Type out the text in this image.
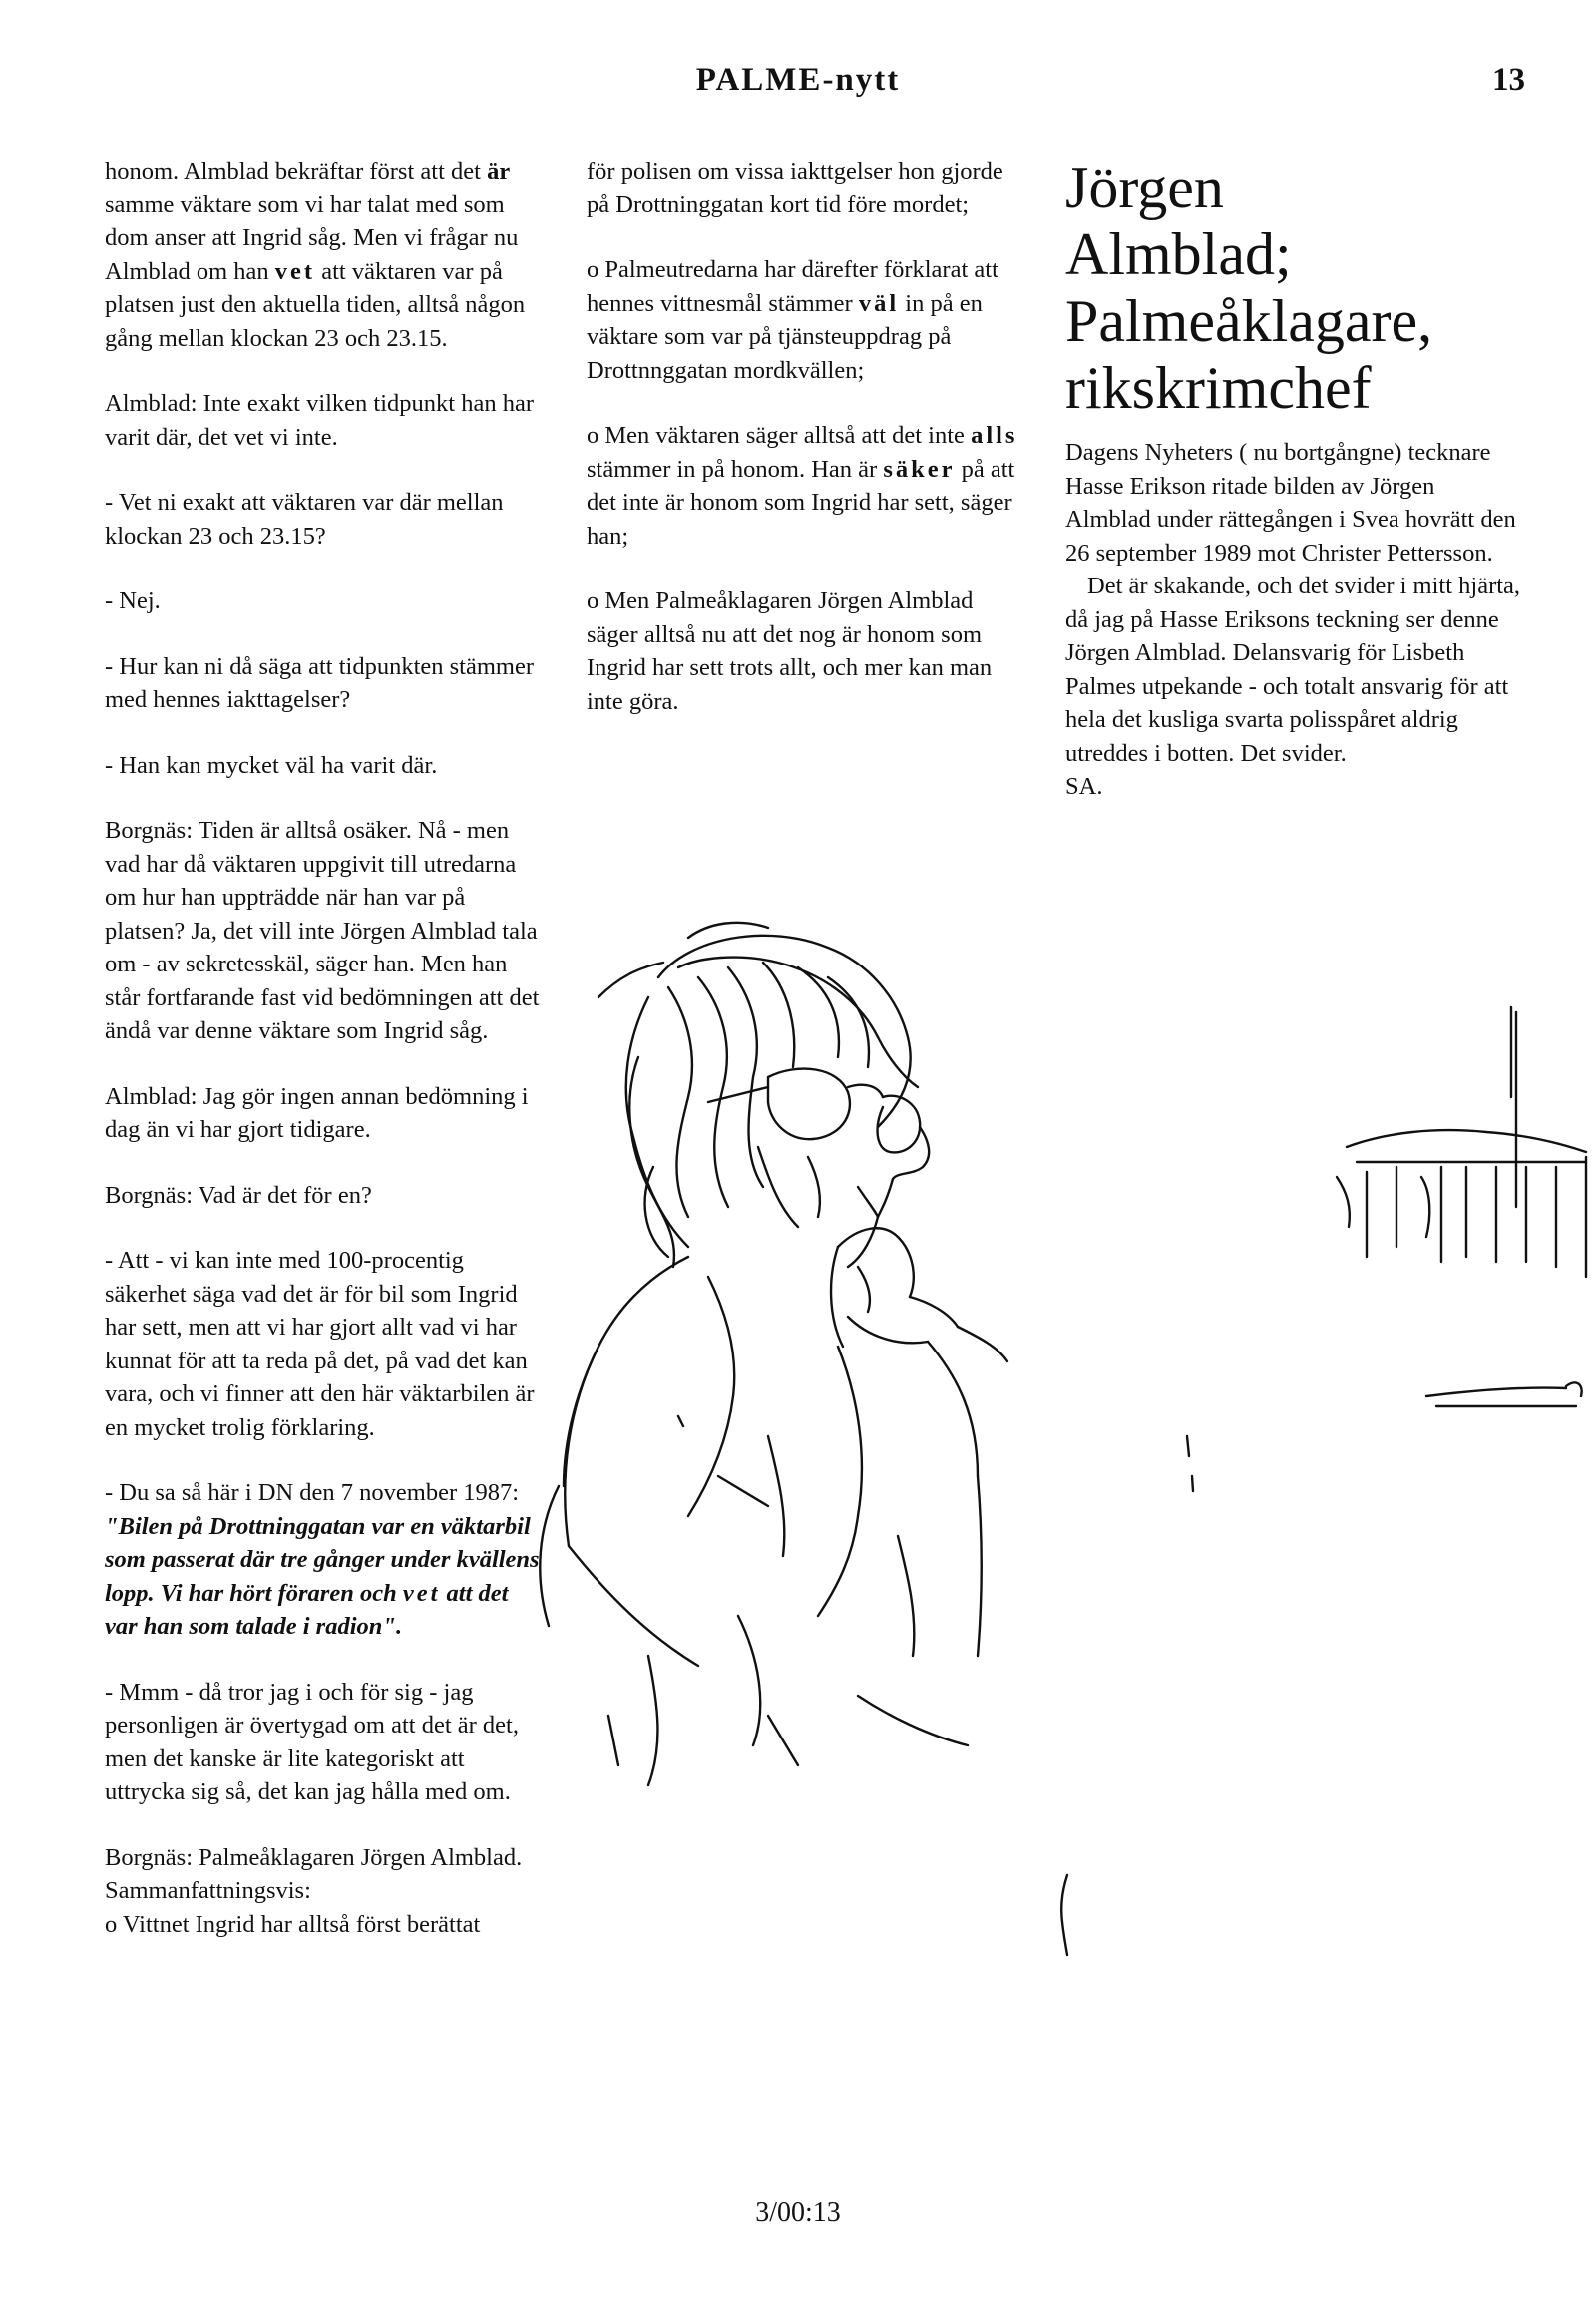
PALME-nytt	13

honom. Almblad bekräftar först att det är samme väktare som vi har talat med som dom anser att Ingrid såg. Men vi frågar nu Almblad om han vet att väktaren var på platsen just den aktuella tiden, alltså någon gång mellan klockan 23 och 23.15.

Almblad: Inte exakt vilken tidpunkt han har varit där, det vet vi inte.

- Vet ni exakt att väktaren var där mellan klockan 23 och 23.15?

- Nej.

- Hur kan ni då säga att tidpunkten stämmer med hennes iakttagelser?

- Han kan mycket väl ha varit där.

Borgnäs: Tiden är alltså osäker. Nå - men vad har då väktaren uppgivit till utredarna om hur han uppträdde när han var på platsen? Ja, det vill inte Jörgen Almblad tala om - av sekretesskäl, säger han. Men han står fortfarande fast vid bedömningen att det ändå var denne väktare som Ingrid såg.

Almblad: Jag gör ingen annan bedömning i dag än vi har gjort tidigare.

Borgnäs: Vad är det för en?

- Att - vi kan inte med 100-procentig säkerhet säga vad det är för bil som Ingrid har sett, men att vi har gjort allt vad vi har kunnat för att ta reda på det, på vad det kan vara, och vi finner att den här väktarbilen är en mycket trolig förklaring.

- Du sa så här i DN den 7 november 1987: "Bilen på Drottninggatan var en väktarbil som passerat där tre gånger under kvällens lopp. Vi har hört föraren och vet att det var han som talade i radion".

- Mmm - då tror jag i och för sig - jag personligen är övertygad om att det är det, men det kanske är lite kategoriskt att uttrycka sig så, det kan jag hålla med om.

Borgnäs: Palmeåklagaren Jörgen Almblad. Sammanfattningsvis:

o Vittnet Ingrid har alltså först berättat

för polisen om vissa iakttgelser hon gjorde på Drottninggatan kort tid före mordet;

o Palmeutredarna har därefter förklarat att hennes vittnesmål stämmer väl in på en väktare som var på tjänsteuppdrag på Drottnnggatan mordkvällen;

o Men väktaren säger alltså att det inte alls stämmer in på honom. Han är säker på att det inte är honom som Ingrid har sett, säger han;

o Men Palmeåklagaren Jörgen Almblad säger alltså nu att det nog är honom som Ingrid har sett trots allt, och mer kan man inte göra.

Jörgen
Almblad;
Palmeåklagare,
rikskrimchef

Dagens Nyheters ( nu bortgångne) tecknare Hasse Erikson ritade bilden av Jörgen Almblad under rättegången i Svea hovrätt den 26 september 1989 mot Christer Pettersson.

Det är skakande, och det svider i mitt hjärta, då jag på Hasse Eriksons teckning ser denne Jörgen Almblad. Delansvarig för Lisbeth Palmes utpekande - och totalt ansvarig för att hela det kusliga svarta polisspåret aldrig utreddes i botten. Det svider.

SA.

3/00:13
